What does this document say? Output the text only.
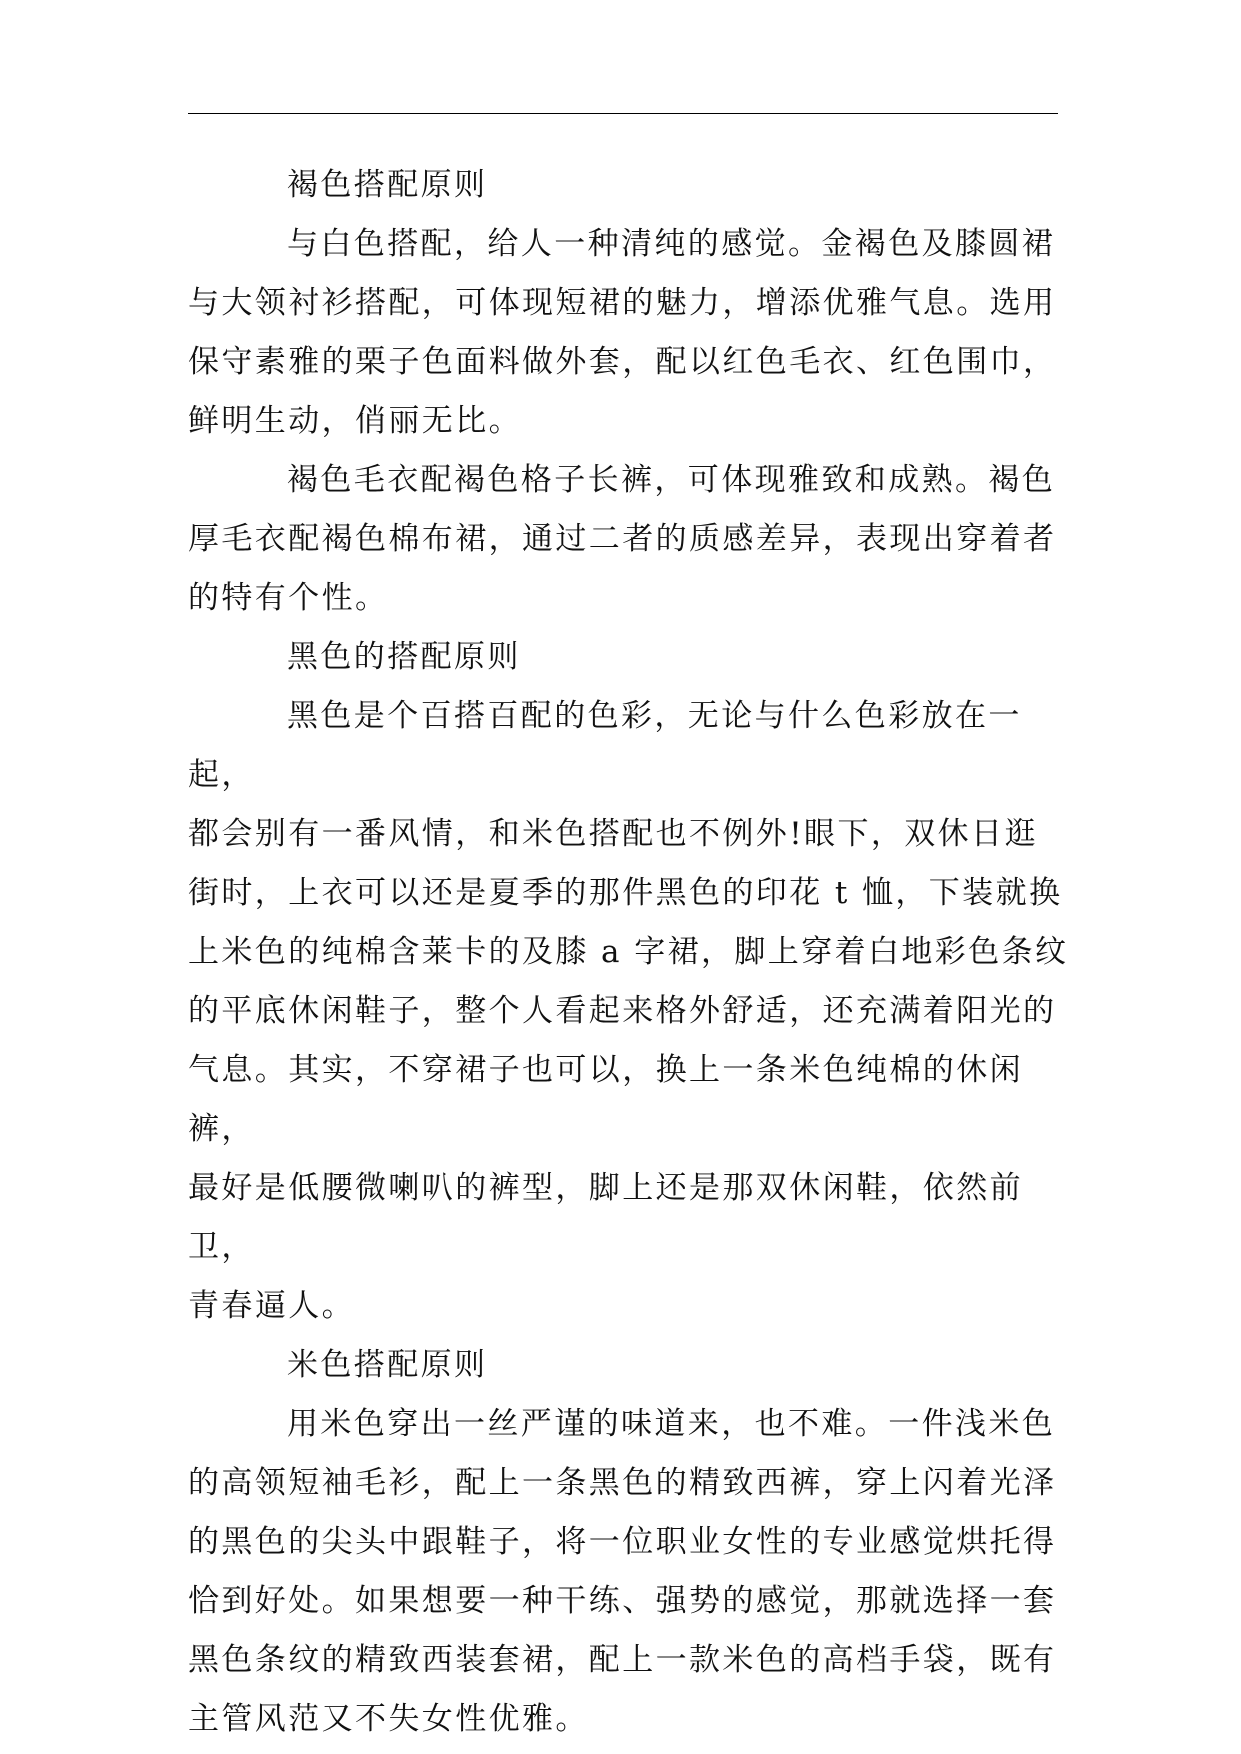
褐色搭配原则

与白色搭配，给人一种清纯的感觉。金褐色及膝圆裙
与大领衬衫搭配，可体现短裙的魅力，增添优雅气息。选用
保守素雅的栗子色面料做外套，配以红色毛衣、红色围巾，
鲜明生动，俏丽无比。

褐色毛衣配褐色格子长裤，可体现雅致和成熟。褐色
厚毛衣配褐色棉布裙，通过二者的质感差异，表现出穿着者
的特有个性。

黑色的搭配原则

黑色是个百搭百配的色彩，无论与什么色彩放在一起，
都会别有一番风情，和米色搭配也不例外!眼下，双休日逛
街时，上衣可以还是夏季的那件黑色的印花 t 恤，下装就换
上米色的纯棉含莱卡的及膝 a 字裙，脚上穿着白地彩色条纹
的平底休闲鞋子，整个人看起来格外舒适，还充满着阳光的
气息。其实，不穿裙子也可以，换上一条米色纯棉的休闲裤，
最好是低腰微喇叭的裤型，脚上还是那双休闲鞋，依然前卫，
青春逼人。

米色搭配原则

用米色穿出一丝严谨的味道来，也不难。一件浅米色
的高领短袖毛衫，配上一条黑色的精致西裤，穿上闪着光泽
的黑色的尖头中跟鞋子，将一位职业女性的专业感觉烘托得
恰到好处。如果想要一种干练、强势的感觉，那就选择一套
黑色条纹的精致西装套裙，配上一款米色的高档手袋，既有
主管风范又不失女性优雅。
